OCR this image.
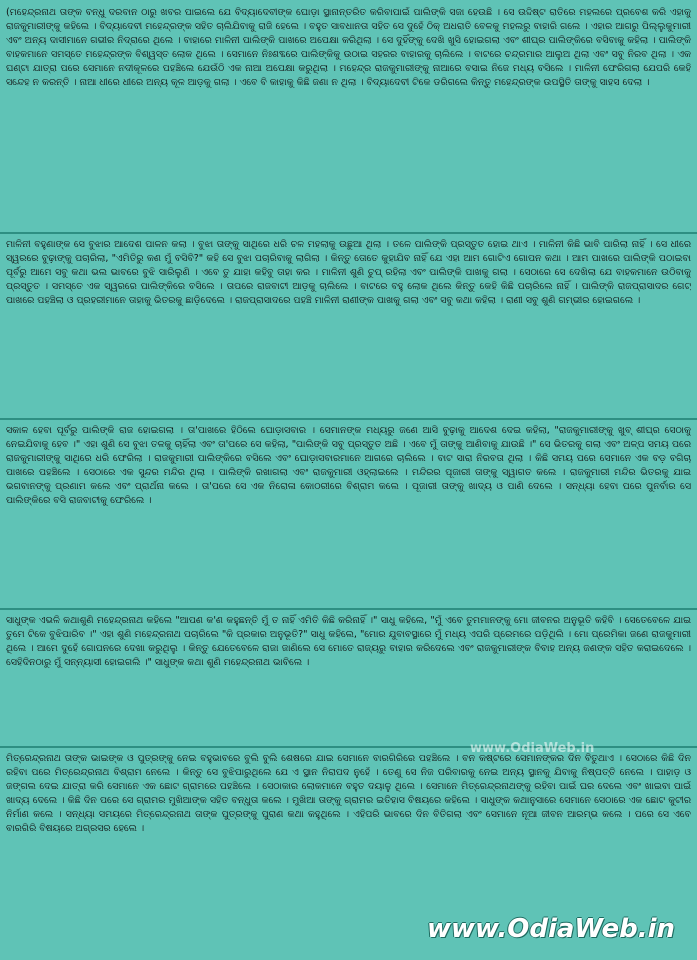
(ମହେନ୍ଦ୍ରନାଥ ତାଙ୍କ ବନ୍ଧୁ ଦରବାନ ଠାରୁ ଖବର ପାଇଲେ ଯେ ବିଦ୍ୟାଦେବୀଙ୍କ ଘୋଡ଼ା ସ୍ଥାନାନ୍ତରିତ କରିବାପାଇଁ ପାଲିଙ୍କି ସଜା ହେଉଛି । ସେ ଉଦ୍ଦିଷ୍ଟ ରାତିରେ ମହଲରେ ପ୍ରବେଶ କରି ଏହାକୁ ରାଜକୁମାରୀଙ୍କୁ କହିଲେ । ବିଦ୍ୟାଦେବୀ ମହେନ୍ଦ୍ରଙ୍କ ସହିତ ଚାଲିଯିବାକୁ ରାଜି ହେଲେ । ବହୁତ ସାବଧାନତା ସହିତ ସେ ଦୁହେଁ ଠିକ୍ ଅଧରାତି ବେଳକୁ ମହଲରୁ ବାହାରି ଗଲେ । ଏହାର ଆଗରୁ ପିଲ୍ଲୁକୁମାରୀ ଏବଂ ଅନ୍ୟ ଦାସୀମାନେ ଗଭୀର ନିଦ୍ରାରେ ଥିଲେ । ବାହାରେ ମାଳିନୀ ପାଲିଙ୍କି ପାଖରେ ଅପେକ୍ଷା କରିଥିଲା । ସେ ଦୁହିଁଙ୍କୁ ଦେଖି ଖୁସି ହୋଇଗଲା ଏବଂ ଶୀଘ୍ର ପାଲିଙ୍କିରେ ବସିବାକୁ କହିଲା । ପାଲିଙ୍କି ବାହକମାନେ ସମସ୍ତେ ମହେନ୍ଦ୍ରଙ୍କ ବିଶ୍ୱସ୍ତ ଲୋକ ଥିଲେ । ସେମାନେ ନିଃଶବ୍ଦରେ ପାଲିଙ୍କିକୁ ଉଠାଇ ସହରର ବାହାରକୁ ଚାଲିଲେ । ବାଟରେ ଚନ୍ଦ୍ରମାର ଆଲୁଅ ଥିଲା ଏବଂ ସବୁ ନିରବ ଥିଲା । ଏକ ଘଣ୍ଟା ଯାତ୍ରା ପରେ ସେମାନେ ନଦୀକୂଳରେ ପହଞ୍ଚିଲେ ଯେଉଁଠି ଏକ ନାଆ ଅପେକ୍ଷା କରୁଥିଲା । ମହେନ୍ଦ୍ର ରାଜକୁମାରୀଙ୍କୁ ନାଆରେ ବସାଇ ନିଜେ ମଧ୍ୟ ବସିଲେ । ମାଳିନୀ ଫେରିଗଲା ଯେପରି କେହି ସନ୍ଦେହ ନ କରନ୍ତି । ନାଆ ଧୀରେ ଧୀରେ ଅନ୍ୟ କୂଳ ଆଡ଼କୁ ଗଲା । ଏବେ ବି କାହାକୁ କିଛି ଜଣା ନ ଥିଲା । ବିଦ୍ୟାଦେବୀ ଟିକେ ଡରିଗଲେ କିନ୍ତୁ ମହେନ୍ଦ୍ରଙ୍କ ଉପସ୍ଥିତି ତାଙ୍କୁ ସାହସ ଦେଲା ।
ମାଳିନୀ ବହୁଣାଙ୍କ ସେ ବୁଝାର ଆଦେଶ ପାଳନ କଲା । ବୁଝା ତାଙ୍କୁ ସାଥିରେ ଧରି ଚଳ ମହଲାକୁ ଉଛୁଆ ଥିଲା । ତଳେ ପାଲିଙ୍କି ପ୍ରସ୍ତୁତ ହୋଇ ଥାଏ । ମାଳିନୀ କିଛି ଭାବି ପାରିଲା ନାହିଁ । ସେ ଧୀରେ ସ୍ୱରରେ ବୁଢ଼ାଙ୍କୁ ପଚାରିଲା, "ଏମିତିରୁ କଣ ମୁଁ ବସିବି?" କହି ସେ ବୁଝା ପଚାରିବାକୁ ଲାଗିଲା । କିନ୍ତୁ ତୋତେ କୁହାଯିବ ନାହିଁ ଯେ ଏହା ଆମ ଗୋଟିଏ ଗୋପନ କଥା । ଆମ ପାଖରେ ପାଲିଙ୍କି ପଠାଇବା ପୂର୍ବରୁ ଆମେ ସବୁ କଥା ଭଲ ଭାବରେ ବୁଝି ସାରିଲୁଣି । ଏବେ ତୁ ଯାହା କହିବୁ ତାହା କର । ମାଳିନୀ ଶୁଣି ଚୁପ୍ ରହିଲା ଏବଂ ପାଲିଙ୍କି ପାଖକୁ ଗଲା । ସେଠାରେ ସେ ଦେଖିଲା ଯେ ବାହକମାନେ ଉଠିବାକୁ ପ୍ରସ୍ତୁତ । ସମସ୍ତେ ଏକ ସ୍ୱରରେ ପାଲିଙ୍କିରେ ବସିଲେ । ତାପରେ ରାଜବାଟୀ ଆଡ଼କୁ ଚାଲିଲେ । ବାଟରେ ବହୁ ଲୋକ ଥିଲେ କିନ୍ତୁ କେହି କିଛି ପଚାରିଲେ ନାହିଁ । ପାଲିଙ୍କି ରାଜପ୍ରାସାଦର ଗେଟ୍ ପାଖରେ ପହଞ୍ଚିଲା ଓ ପ୍ରହରୀମାନେ ତାହାକୁ ଭିତରକୁ ଛାଡ଼ିଦେଲେ । ରାଜପ୍ରାସାଦରେ ପହଞ୍ଚି ମାଳିନୀ ରାଣୀଙ୍କ ପାଖକୁ ଗଲା ଏବଂ ସବୁ କଥା କହିଲା । ରାଣୀ ସବୁ ଶୁଣି ଗମ୍ଭୀର ହୋଇଗଲେ ।
ସକାଳ ହେବା ପୂର୍ବରୁ ପାଲିଙ୍କି ରାଜ ହୋଇଗଲା । ତା'ପାଖରେ ହିଠିଲେ ଘୋଡ଼ାସବାର । ସେମାନଙ୍କ ମଧ୍ୟରୁ ଜଣେ ଆସି ବୁଢ଼ାକୁ ଆଦେଶ ଦେଇ କହିଲା, "ରାଜକୁମାରୀଙ୍କୁ ଖୁବ୍ ଶୀଘ୍ର ସେଠାକୁ ନେଇଯିବାକୁ ହେବ ।" ଏହା ଶୁଣି ସେ ବୁଝା ତଳକୁ ଚାହିଁଲା ଏବଂ ତା'ପରେ ସେ କହିଲା, "ପାଲିଙ୍କି ସବୁ ପ୍ରସ୍ତୁତ ଅଛି । ଏବେ ମୁଁ ତାଙ୍କୁ ଆଣିବାକୁ ଯାଉଛି ।" ସେ ଭିତରକୁ ଗଲା ଏବଂ ଅଳ୍ପ ସମୟ ପରେ ରାଜକୁମାରୀଙ୍କୁ ସାଥିରେ ଧରି ଫେରିଲା । ରାଜକୁମାରୀ ପାଲିଙ୍କିରେ ବସିଲେ ଏବଂ ଘୋଡ଼ାସବାରମାନେ ଆଗରେ ଚାଲିଲେ । ବାଟ ସାରା ନିରବତା ଥିଲା । କିଛି ସମୟ ପରେ ସେମାନେ ଏକ ବଡ଼ ବଗିଚା ପାଖରେ ପହଞ୍ଚିଲେ । ସେଠାରେ ଏକ ସୁନ୍ଦର ମନ୍ଦିର ଥିଲା । ପାଲିଙ୍କି ରଖାଗଲା ଏବଂ ରାଜକୁମାରୀ ଓହ୍ଲାଇଲେ । ମନ୍ଦିରର ପୂଜାରୀ ତାଙ୍କୁ ସ୍ୱାଗତ କଲେ । ରାଜକୁମାରୀ ମନ୍ଦିର ଭିତରକୁ ଯାଇ ଭଗବାନଙ୍କୁ ପ୍ରଣାମ କଲେ ଏବଂ ପ୍ରାର୍ଥନା କଲେ । ତା'ପରେ ସେ ଏକ ନିରୋଳା କୋଠରୀରେ ବିଶ୍ରାମ କଲେ । ପୂଜାରୀ ତାଙ୍କୁ ଖାଦ୍ୟ ଓ ପାଣି ଦେଲେ । ସନ୍ଧ୍ୟା ହେବା ପରେ ପୁନର୍ବାର ସେ ପାଲିଙ୍କିରେ ବସି ରାଜବାଟୀକୁ ଫେରିଲେ ।
ସାଧୁଙ୍କ ଏଭଳି କଥାଶୁଣି ମହେନ୍ଦ୍ରନାଥ କହିଲେ "ଆପଣ କ'ଣ କହୁଛନ୍ତି ମୁଁ ତ ନାହିଁ ଏମିତି କିଛି କରିନାହିଁ ।" ସାଧୁ କହିଲେ, "ମୁଁ ଏବେ ତୁମମାନଙ୍କୁ ମୋ ଜୀବନର ଅନୁଭୂତି କହିବି । ସେତେବେଳେ ଯାଇ ତୁମେ ଟିକେ ବୁଝିପାରିବ ।" ଏହା ଶୁଣି ମହେନ୍ଦ୍ରନାଥ ପଚାରିଲେ "କି ପ୍ରକାର ଅନୁଭୂତି?" ସାଧୁ କହିଲେ, "ମୋର ଯୁବାବସ୍ଥାରେ ମୁଁ ମଧ୍ୟ ଏପରି ପ୍ରେମରେ ପଡ଼ିଥିଲି । ମୋ ପ୍ରେମିକା ଜଣେ ରାଜକୁମାରୀ ଥିଲେ । ଆମେ ଦୁହେଁ ଗୋପନରେ ଦେଖା କରୁଥିଲୁ । କିନ୍ତୁ ଯେତେବେଳେ ରାଜା ଜାଣିଲେ ସେ ମୋତେ ରାଜ୍ୟରୁ ବାହାର କରିଦେଲେ ଏବଂ ରାଜକୁମାରୀଙ୍କ ବିବାହ ଅନ୍ୟ ଜଣଙ୍କ ସହିତ କରାଇଦେଲେ । ସେହିଦିନଠାରୁ ମୁଁ ସନ୍ନ୍ୟାସୀ ହୋଇଗଲି ।" ସାଧୁଙ୍କ କଥା ଶୁଣି ମହେନ୍ଦ୍ରନାଥ ଭାବିଲେ ।
www.OdiaWeb.in
ମିତ୍ରେନ୍ଦ୍ରନାଥ ତାଙ୍କ ଭାଇଙ୍କ ଓ ପୁତ୍ରଙ୍କୁ ନେଇ ବହୁଭାବରେ ବୁଲି ବୁଲି ଶେଷରେ ଯାଇ ସେମାନେ ବାରଗିରିରେ ପହଞ୍ଚିଲେ । ବନ କଷ୍ଟରେ ସେମାନଙ୍କର ଦିନ ବିତୁଥାଏ । ସେଠାରେ କିଛି ଦିନ ରହିବା ପରେ ମିତ୍ରେନ୍ଦ୍ରନାଥ ବିଶ୍ରାମ ନେଲେ । କିନ୍ତୁ ସେ ବୁଝିପାରୁଥିଲେ ଯେ ଏ ସ୍ଥାନ ନିରାପଦ ନୁହେଁ । ତେଣୁ ସେ ନିଜ ପରିବାରକୁ ନେଇ ଅନ୍ୟ ସ୍ଥାନକୁ ଯିବାକୁ ନିଷ୍ପତ୍ତି ନେଲେ । ପାହାଡ଼ ଓ ଜଙ୍ଗଲ ଦେଇ ଯାତ୍ରା କରି ସେମାନେ ଏକ ଛୋଟ ଗ୍ରାମରେ ପହଞ୍ଚିଲେ । ସେଠାକାର ଲୋକମାନେ ବହୁତ ଦୟାଳୁ ଥିଲେ । ସେମାନେ ମିତ୍ରେନ୍ଦ୍ରନାଥଙ୍କୁ ରହିବା ପାଇଁ ଘର ଦେଲେ ଏବଂ ଖାଇବା ପାଇଁ ଖାଦ୍ୟ ଦେଲେ । କିଛି ଦିନ ପରେ ସେ ଗ୍ରାମର ମୁଖିଆଙ୍କ ସହିତ ବନ୍ଧୁତା କଲେ । ମୁଖିଆ ତାଙ୍କୁ ଗ୍ରାମର ଇତିହାସ ବିଷୟରେ କହିଲେ । ସାଧୁଙ୍କ କଥାନୁସାରେ ସେମାନେ ସେଠାରେ ଏକ ଛୋଟ କୁଟୀର ନିର୍ମାଣ କଲେ । ସନ୍ଧ୍ୟା ସମୟରେ ମିତ୍ରେନ୍ଦ୍ରନାଥ ତାଙ୍କ ପୁତ୍ରଙ୍କୁ ପୁରାଣ କଥା କହୁଥିଲେ । ଏହିପରି ଭାବରେ ଦିନ ବିତିଗଲା ଏବଂ ସେମାନେ ନୂଆ ଜୀବନ ଆରମ୍ଭ କଲେ । ପରେ ସେ ଏବେ ବାରଗିରି ବିଷୟରେ ଅଗ୍ରସର ହେଲେ ।
www.OdiaWeb.in
